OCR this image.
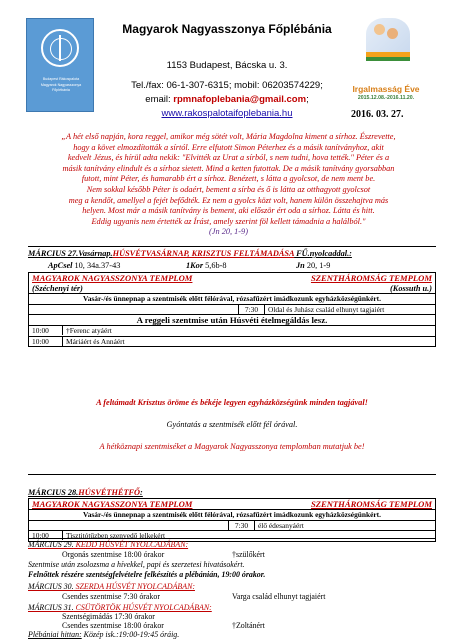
Budapest Rákospalota
Magyarok Nagyasszonya
Főplébánia
Magyarok Nagyasszonya Főplébánia
1153 Budapest, Bácska u. 3.
Tel./fax: 06-1-307-6315; mobil: 06203574229;
email: rpmnafoplebania@gmail.com;
www.rakospalotaifoplebania.hu
Irgalmasság Éve
2015.12.08.-2016.11.20.
2016. 03. 27.
„A hét első napján, kora reggel, amikor még sötét volt, Mária Magdolna kiment a sírhoz. Észrevette,
hogy a követ elmozdították a sírtól. Erre elfutott Simon Péterhez és a másik tanítványhoz, akit
kedvelt Jézus, és hírül adta nekik: "Elvitték az Urat a sírból, s nem tudni, hova tették." Péter és a
másik tanítvány elindult és a sírhoz sietett. Mind a ketten futottak. De a másik tanítvány gyorsabban
futott, mint Péter, és hamarabb ért a sírhoz. Benézett, s látta a gyolcsot, de nem ment be.
Nem sokkal később Péter is odaért, bement a sírba és ő is látta az otthagyott gyolcsot
meg a kendőt, amellyel a fejét befődték. Ez nem a gyolcs közt volt, hanem külön összehajtva más
helyen. Most már a másik tanítvány is bement, aki először ért oda a sírhoz. Látta és hitt.
Eddig ugyanis nem értették az Írást, amely szerint föl kellett támadnia a halálból."
(Jn 20, 1-9)
MÁRCIUS 27.Vasárnap.HÚSVÉTVASÁRNAP, KRISZTUS FELTÁMADÁSA FŰ.nyolcaddal.:
ApCsel 10, 34a.37-43	1Kor 5,6b-8	Jn 20, 1-9
MAGYAROK NAGYASSZONYA TEMPLOM	SZENTHÁROMSÁG TEMPLOM

(Széchenyi tér)	(Kossuth u.)

Vasár-/és ünnepnap a szentmisék előtt félórával, rózsafűzért imádkozunk egyházközségünkért.
	7:30	Oldal és Juhász család elhunyt tagjaiért
A reggeli szentmise után Húsvéti ételmegáldás lesz.

10:00	†Ferenc atyáért

10:00	Máriáért és Annáért
A feltámadt Krisztus öröme és békéje legyen egyházközségünk minden tagjával!
Gyóntatás a szentmisék előtt fél órával.
A hétköznapi szentmiséket a Magyarok Nagyasszonya templomban mutatjuk be!
MÁRCIUS 28.HÚSVÉTHÉTFŐ:
MAGYAROK NAGYASSZONYA TEMPLOM	SZENTHÁROMSÁG TEMPLOM

Vasár-/és ünnepnap a szentmisék előtt félórával, rózsafűzért imádkozunk egyházközségünkért.
	7:30	élő édesanyáért

10:00	Tisztitótűzben szenvedő lelkekért
MÁRCIUS 29. KEDD HÚSVÉT NYOLCADÁBAN:
Orgonás szentmise 18:00 órakor	†szülőkért
Szentmise után zsolozsma a hívekkel, papi és szerzetesi hivatásokért.
Felnőttek részére szentségfelvételre felkészítés a plébánián, 19:00 órakor.
MÁRCIUS 30. SZERDA HÚSVÉT NYOLCADÁBAN:
Csendes szentmise 7:30 órakor	Varga család elhunyt tagjaiért
MÁRCIUS 31. CSÜTÖRTÖK HÚSVÉT NYOLCADÁBAN:
Szentségimádás 17:30 órakor
Csendes szentmise 18:00 órakor	†Zoltánért
Plébániai hittan: Közép isk.:19:00-19:45 óráig.
